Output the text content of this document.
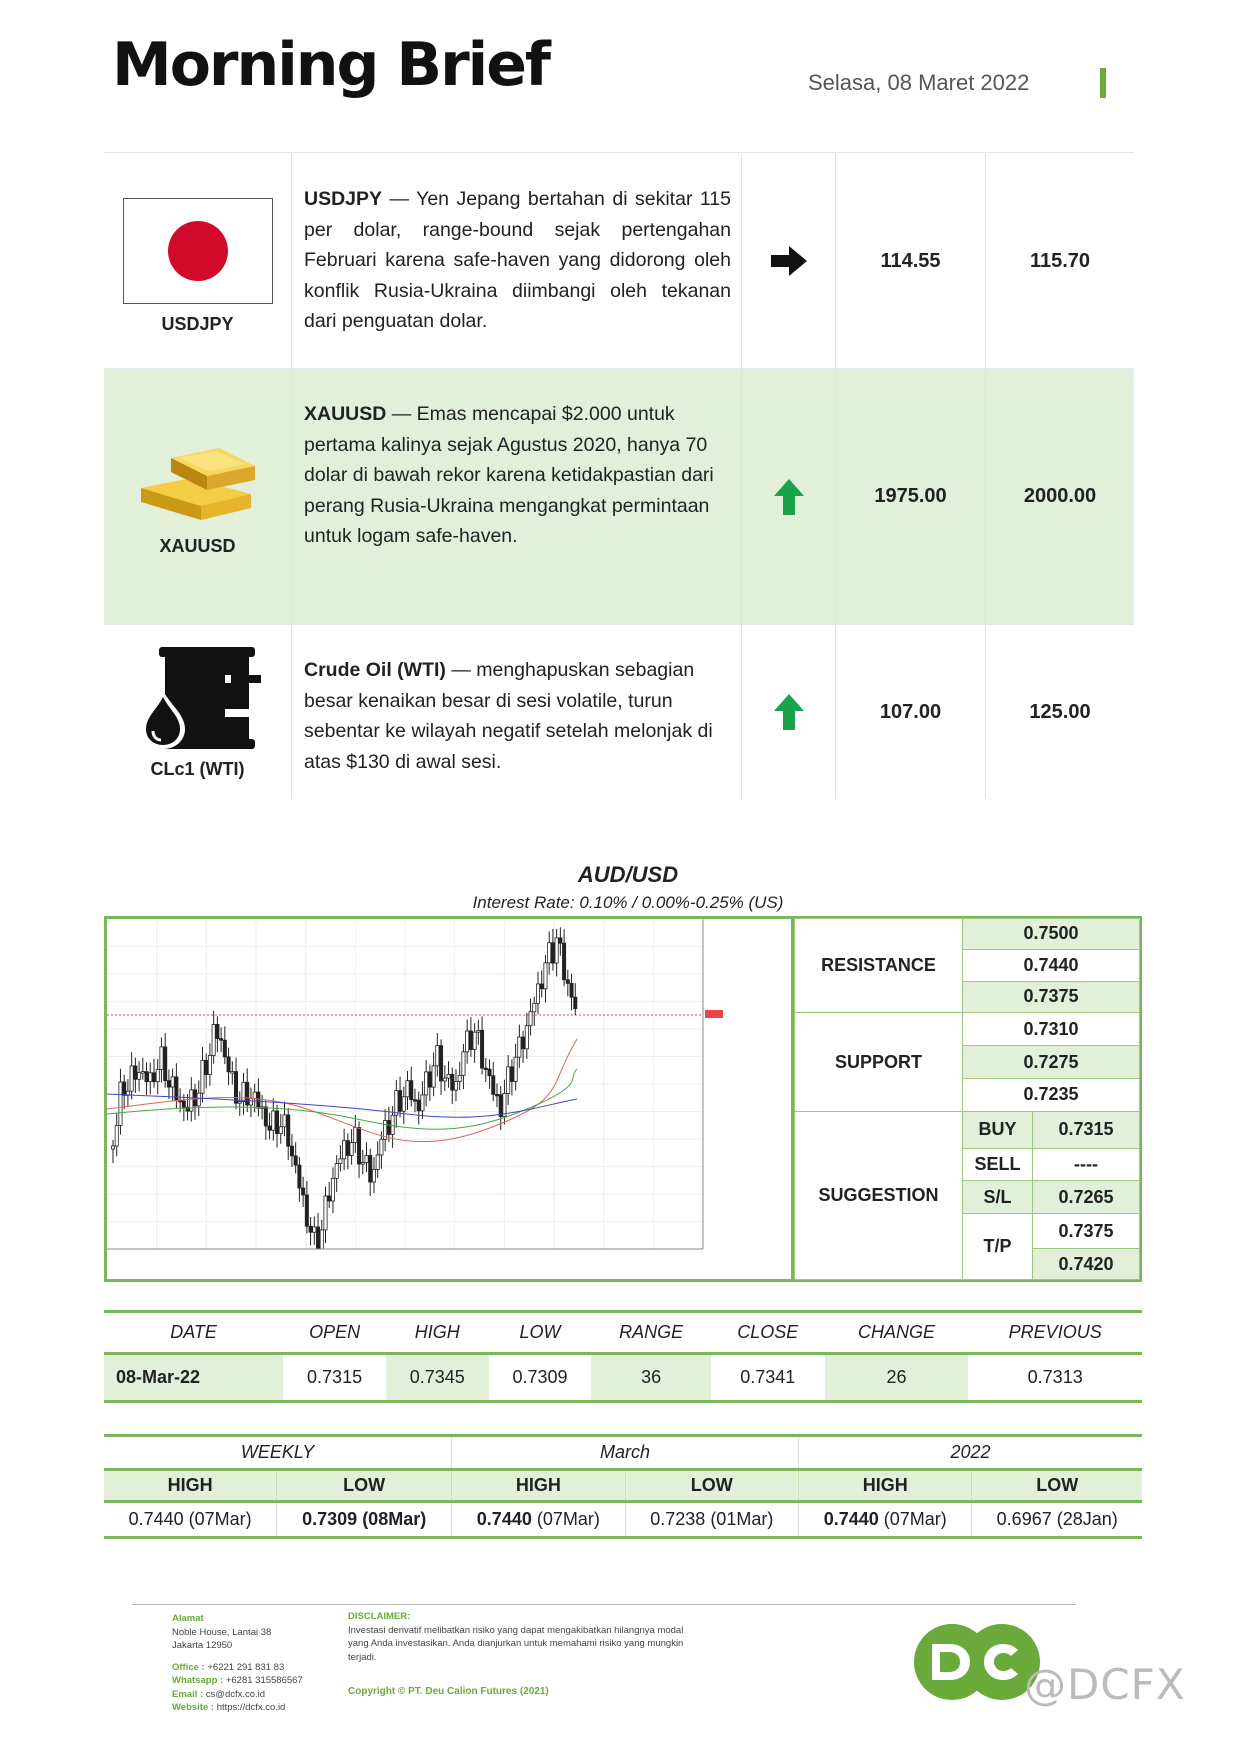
Morning Brief	Selasa, 08 Maret 2022
USDJPY
USDJPY — Yen Jepang bertahan di sekitar 115 per dolar, range-bound sejak pertengahan Februari karena safe-haven yang didorong oleh konflik Rusia-Ukraina diimbangi oleh tekanan dari penguatan dolar.
114.55	115.70
XAUUSD
XAUUSD — Emas mencapai $2.000 untuk pertama kalinya sejak Agustus 2020, hanya 70 dolar di bawah rekor karena ketidakpastian dari perang Rusia-Ukraina mengangkat permintaan untuk logam safe-haven.
1975.00	2000.00
CLc1 (WTI)
Crude Oil (WTI) — menghapuskan sebagian besar kenaikan besar di sesi volatile, turun sebentar ke wilayah negatif setelah melonjak di atas $130 di awal sesi.
107.00	125.00
AUD/USD
Interest Rate: 0.10% / 0.00%-0.25% (US)
RESISTANCE	0.7500	
	0.7440	
	0.7375	
SUPPORT	0.7310	
	0.7275	
	0.7235	
SUGGESTION	BUY	0.7315
	SELL	----
	S/L	0.7265
	T/P	0.7375
		0.7420
DATE	OPEN	HIGH	LOW	RANGE	CLOSE	CHANGE	PREVIOUS
08-Mar-22	0.7315	0.7345	0.7309	36	0.7341	26	0.7313
WEEKLY		March		2022	
HIGH	LOW	HIGH	LOW	HIGH	LOW
0.7440 (07Mar)	0.7309 (08Mar)	0.7440 (07Mar)	0.7238 (01Mar)	0.7440 (07Mar)	0.6967 (28Jan)
Alamat
Noble House, Lantai 38
Jakarta 12950
Office : +6221 291 831 83
Whatsapp : +6281 315586567
Email : cs@dcfx.co.id
Website : https://dcfx.co.id
DISCLAIMER:
Investasi derivatif melibatkan risiko yang dapat mengakibatkan hilangnya modal yang Anda investasikan. Anda dianjurkan untuk memahami risiko yang mungkin terjadi.
Copyright © PT. Deu Calion Futures (2021)	@DCFX
